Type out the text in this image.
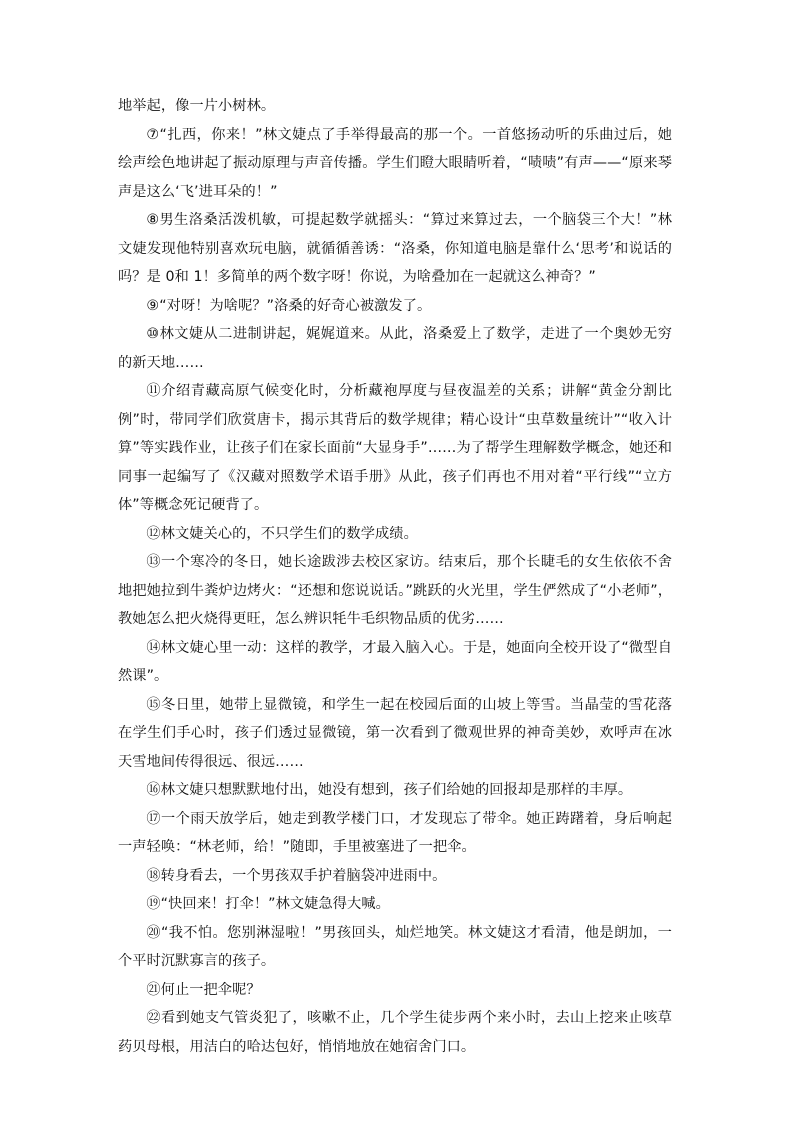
地举起，像一片小树林。

⑦“扎西，你来！”林文婕点了手举得最高的那一个。一首悠扬动听的乐曲过后，她绘声绘色地讲起了振动原理与声音传播。学生们瞪大眼睛听着，“啧啧”有声——“原来琴声是这么‘飞’进耳朵的！”

⑧男生洛桑活泼机敏，可提起数学就摇头：“算过来算过去，一个脑袋三个大！”林文婕发现他特别喜欢玩电脑，就循循善诱：“洛桑，你知道电脑是靠什么‘思考’和说话的吗？是 0和 1！多简单的两个数字呀！你说，为啥叠加在一起就这么神奇？”

⑨“对呀！为啥呢？”洛桑的好奇心被激发了。

⑩林文婕从二进制讲起，娓娓道来。从此，洛桑爱上了数学，走进了一个奥妙无穷的新天地……

⑪介绍青藏高原气候变化时，分析藏袍厚度与昼夜温差的关系；讲解“黄金分割比例”时，带同学们欣赏唐卡，揭示其背后的数学规律；精心设计“虫草数量统计”“收入计算”等实践作业，让孩子们在家长面前“大显身手”……为了帮学生理解数学概念，她还和同事一起编写了《汉藏对照数学术语手册》从此，孩子们再也不用对着“平行线”“立方体”等概念死记硬背了。

⑫林文婕关心的，不只学生们的数学成绩。

⑬一个寒冷的冬日，她长途跋涉去校区家访。结束后，那个长睫毛的女生依依不舍地把她拉到牛粪炉边烤火：“还想和您说说话。”跳跃的火光里，学生俨然成了“小老师”，教她怎么把火烧得更旺，怎么辨识牦牛毛织物品质的优劣……

⑭林文婕心里一动：这样的教学，才最入脑入心。于是，她面向全校开设了“微型自然课”。

⑮冬日里，她带上显微镜，和学生一起在校园后面的山坡上等雪。当晶莹的雪花落在学生们手心时，孩子们透过显微镜，第一次看到了微观世界的神奇美妙，欢呼声在冰天雪地间传得很远、很远……

⑯林文婕只想默默地付出，她没有想到，孩子们给她的回报却是那样的丰厚。

⑰一个雨天放学后，她走到教学楼门口，才发现忘了带伞。她正踌躇着，身后响起一声轻唤：“林老师，给！”随即，手里被塞进了一把伞。

⑱转身看去，一个男孩双手护着脑袋冲进雨中。

⑲“快回来！打伞！”林文婕急得大喊。

⑳“我不怕。您别淋湿啦！”男孩回头，灿烂地笑。林文婕这才看清，他是朗加，一个平时沉默寡言的孩子。

㉑何止一把伞呢？

㉒看到她支气管炎犯了，咳嗽不止，几个学生徒步两个来小时，去山上挖来止咳草药贝母根，用洁白的哈达包好，悄悄地放在她宿舍门口。
